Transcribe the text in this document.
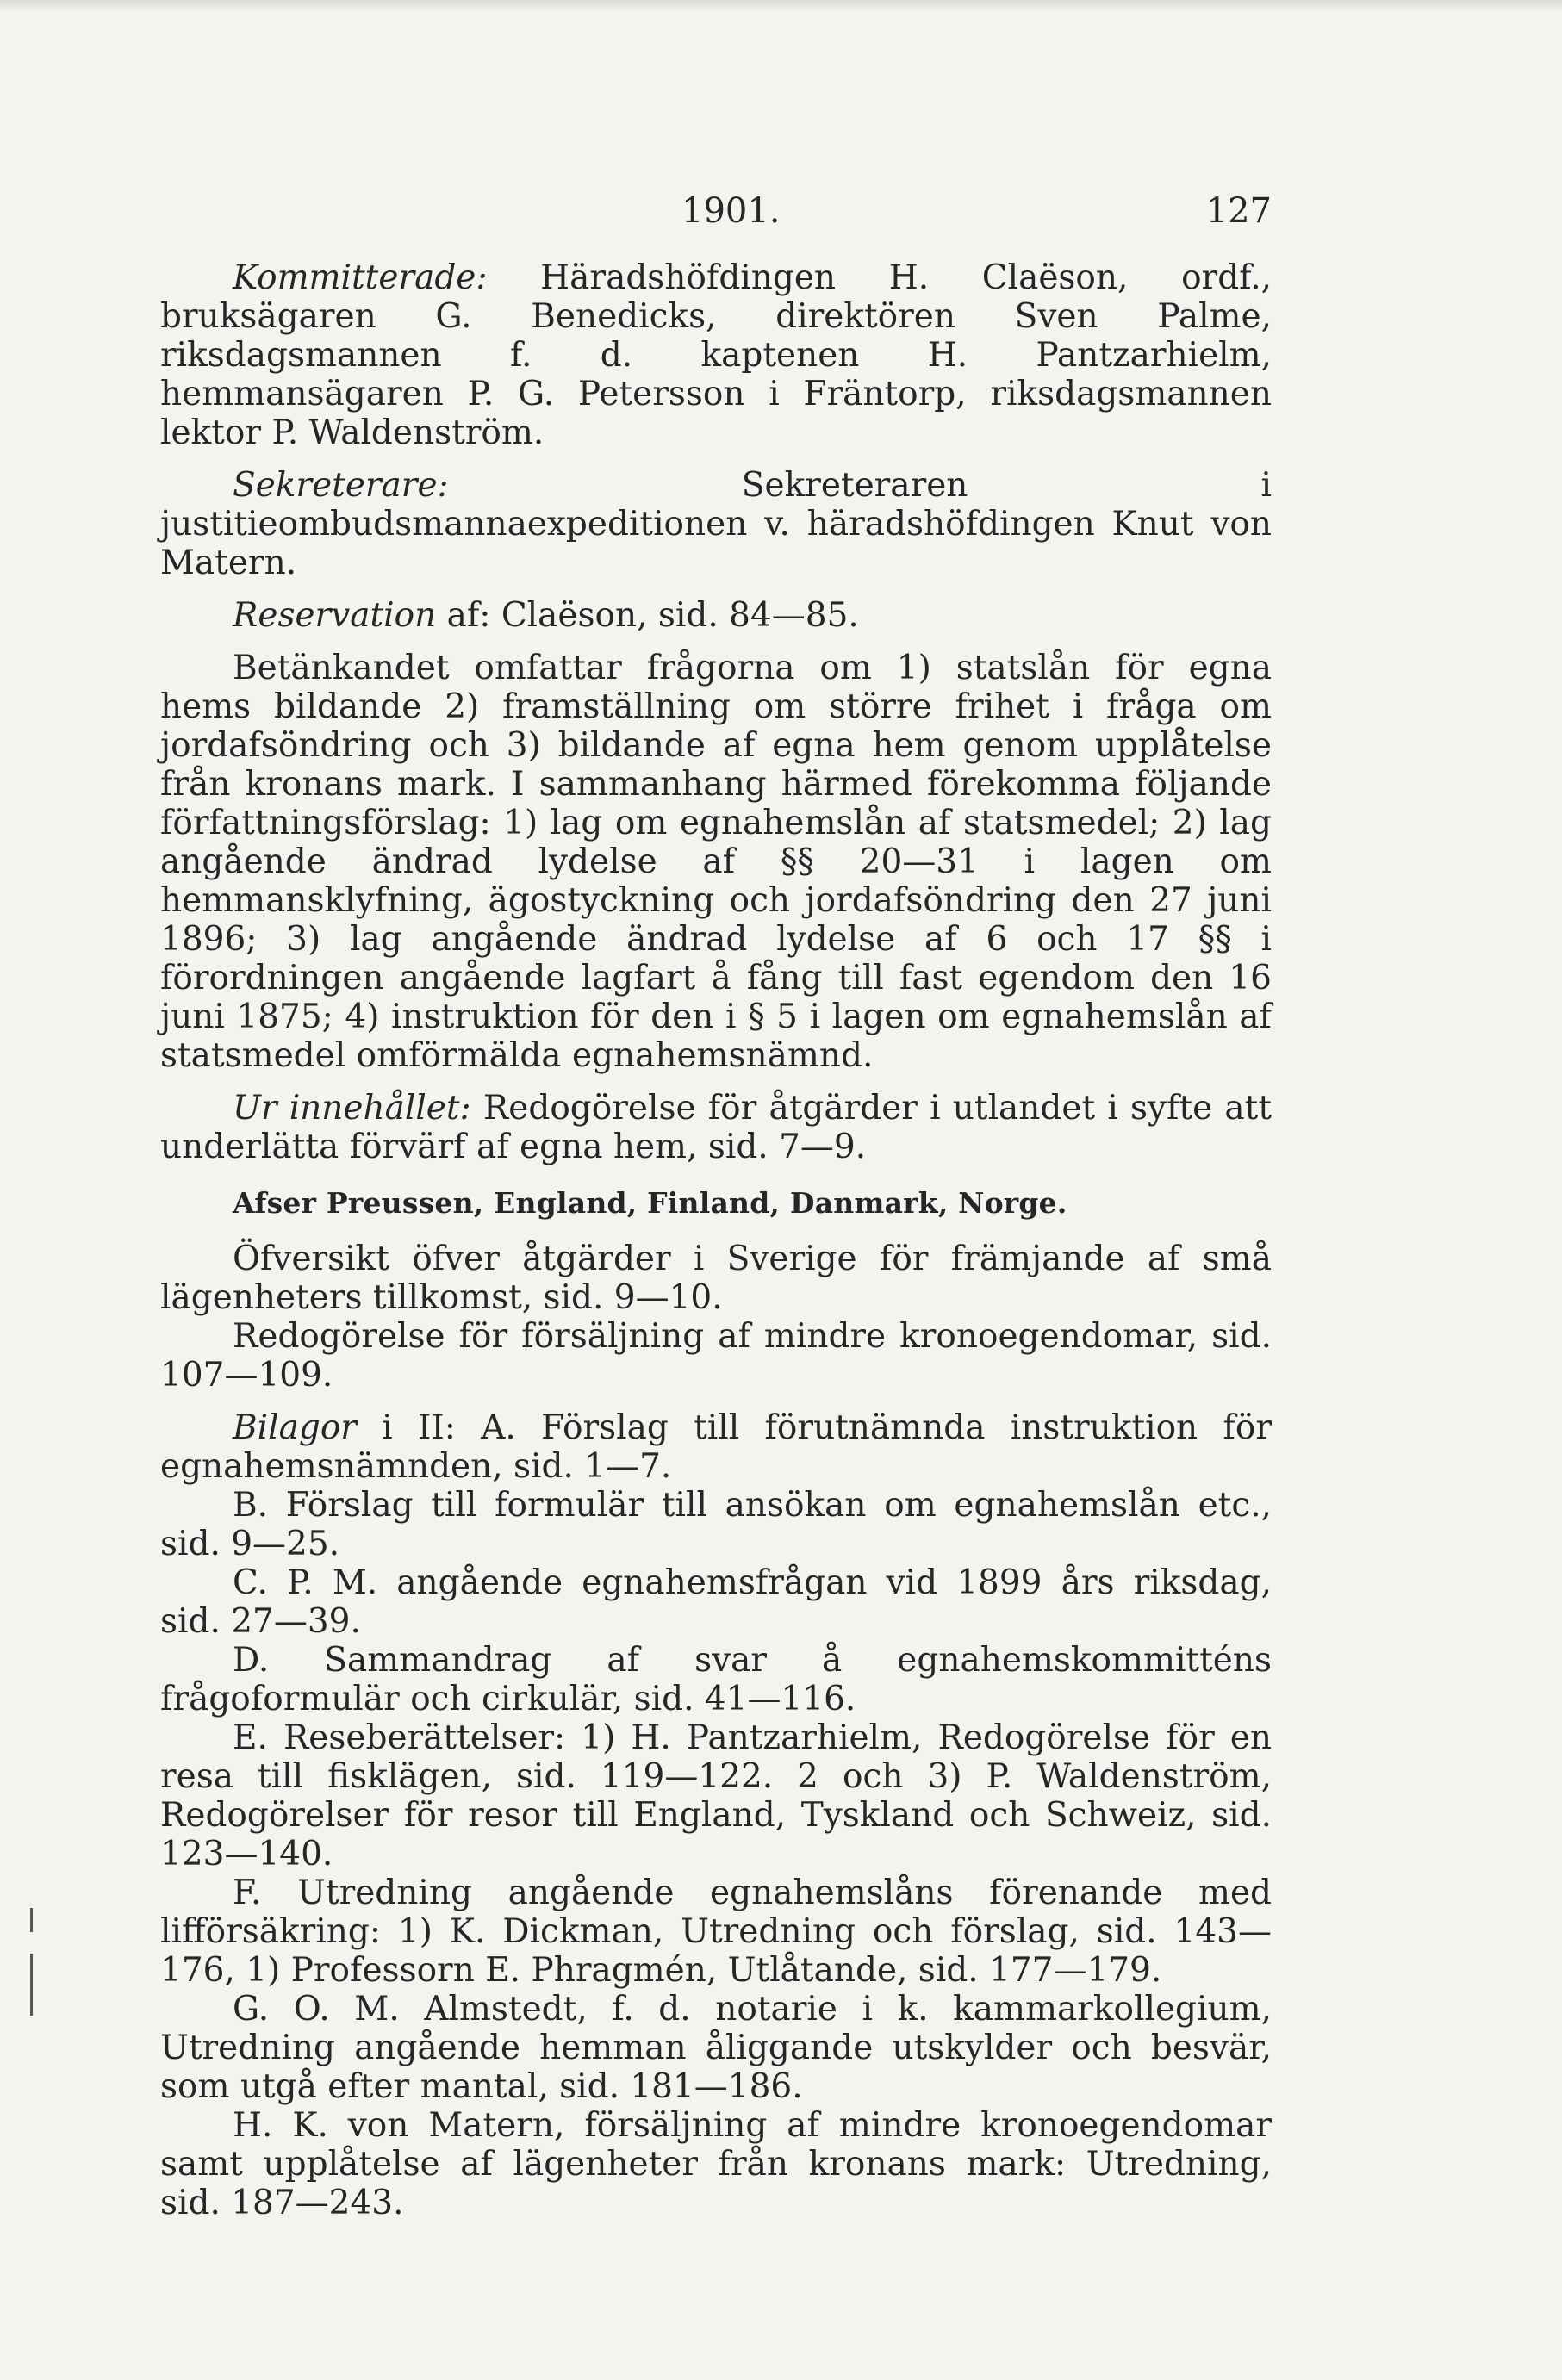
1901.	127

Kommitterade: Häradshöfdingen H. Claëson, ordf., bruksägaren G. Benedicks, direktören Sven Palme, riksdagsmannen f. d. kaptenen H. Pantzarhielm, hemmansägaren P. G. Petersson i Fräntorp, riksdagsmannen lektor P. Waldenström.

Sekreterare: Sekreteraren i justitieombudsmannaexpeditionen v. häradshöfdingen Knut von Matern.

Reservation af: Claëson, sid. 84—85.

Betänkandet omfattar frågorna om 1) statslån för egna hems bildande 2) framställning om större frihet i fråga om jordafsöndring och 3) bildande af egna hem genom upplåtelse från kronans mark. I sammanhang härmed förekomma följande författningsförslag: 1) lag om egnahemslån af statsmedel; 2) lag angående ändrad lydelse af §§ 20—31 i lagen om hemmansklyfning, ägostyckning och jordafsöndring den 27 juni 1896; 3) lag angående ändrad lydelse af 6 och 17 §§ i förordningen angående lagfart å fång till fast egendom den 16 juni 1875; 4) instruktion för den i § 5 i lagen om egnahemslån af statsmedel omförmälda egnahemsnämnd.

Ur innehållet: Redogörelse för åtgärder i utlandet i syfte att underlätta förvärf af egna hem, sid. 7—9.

Afser Preussen, England, Finland, Danmark, Norge.

Öfversikt öfver åtgärder i Sverige för främjande af små lägenheters tillkomst, sid. 9—10.

Redogörelse för försäljning af mindre kronoegendomar, sid. 107—109.

Bilagor i II: A. Förslag till förutnämnda instruktion för egnahemsnämnden, sid. 1—7.

B. Förslag till formulär till ansökan om egnahemslån etc., sid. 9—25.

C. P. M. angående egnahemsfrågan vid 1899 års riksdag, sid. 27—39.

D. Sammandrag af svar å egnahemskommitténs frågoformulär och cirkulär, sid. 41—116.

E. Reseberättelser: 1) H. Pantzarhielm, Redogörelse för en resa till fisklägen, sid. 119—122. 2 och 3) P. Waldenström, Redogörelser för resor till England, Tyskland och Schweiz, sid. 123—140.

F. Utredning angående egnahemslåns förenande med lifförsäkring: 1) K. Dickman, Utredning och förslag, sid. 143—176, 1) Professorn E. Phragmén, Utlåtande, sid. 177—179.

G. O. M. Almstedt, f. d. notarie i k. kammarkollegium, Utredning angående hemman åliggande utskylder och besvär, som utgå efter mantal, sid. 181—186.

H. K. von Matern, försäljning af mindre kronoegendomar samt upplåtelse af lägenheter från kronans mark: Utredning, sid. 187—243.
